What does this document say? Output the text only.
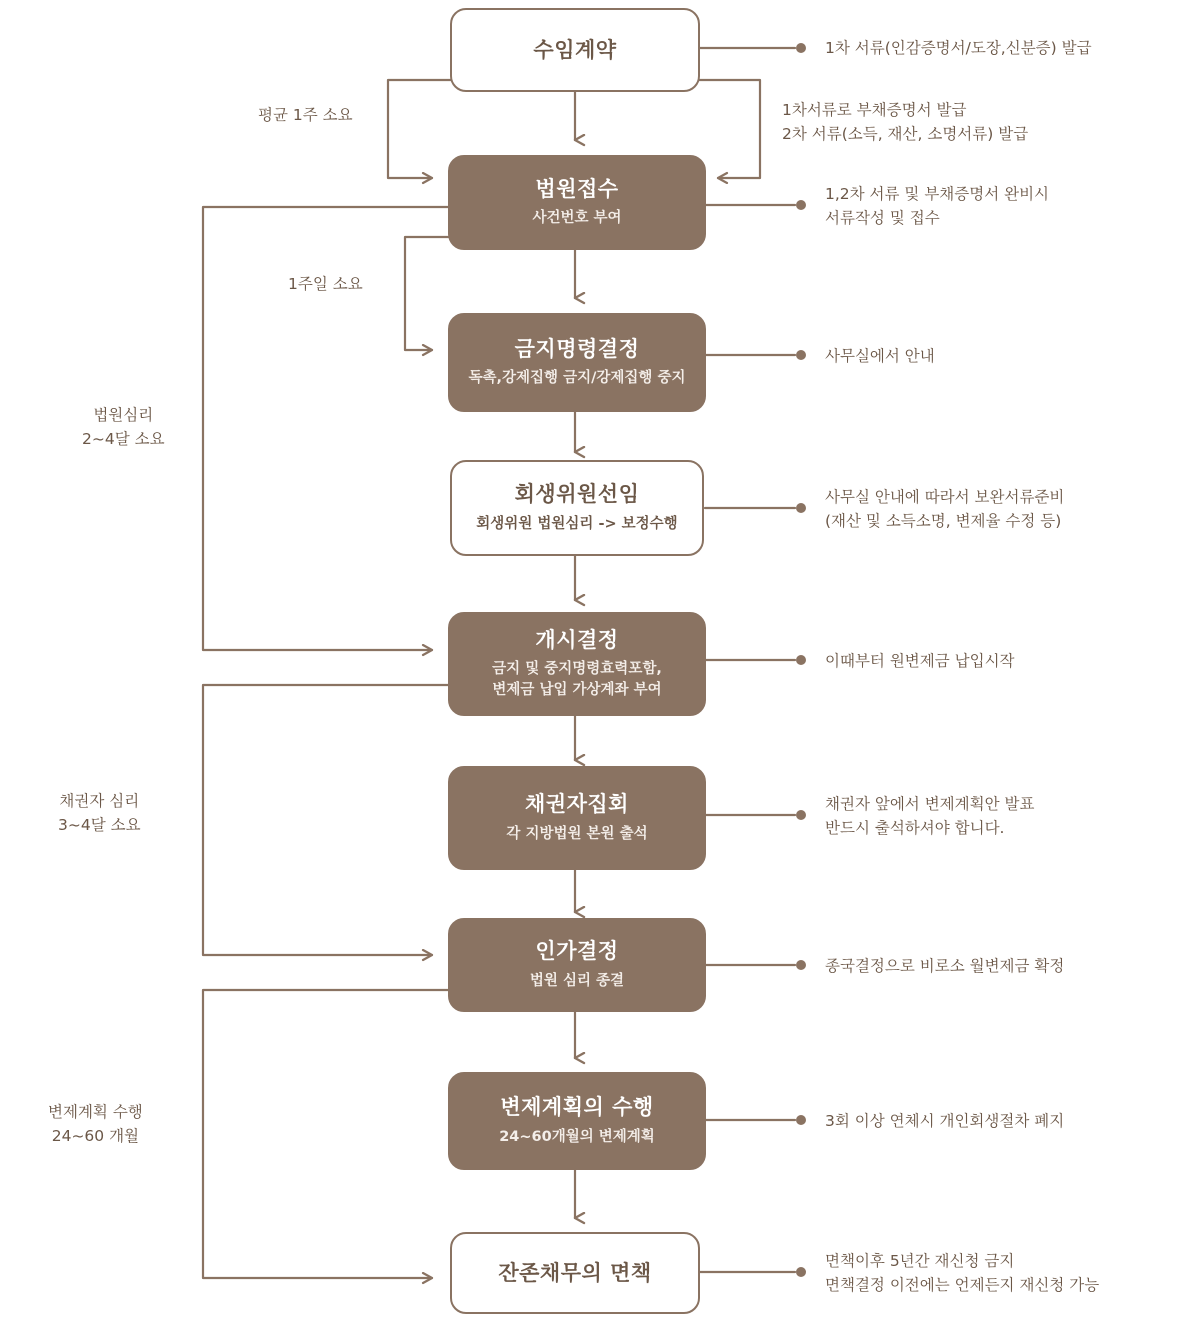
수임계약
법원접수
사건번호 부여
금지명령결정
독촉,강제집행 금지/강제집행 중지
회생위원선임
회생위원 법원심리 -> 보정수행
개시결정
금지 및 중지명령효력포함,
변제금 납입 가상계좌 부여
채권자집회
각 지방법원 본원 출석
인가결정
법원 심리 종결
변제계획의 수행
24~60개월의 변제계획
잔존채무의 면책
1차 서류(인감증명서/도장,신분증) 발급
1차서류로 부채증명서 발급
2차 서류(소득, 재산, 소명서류) 발급
1,2차 서류 및 부채증명서 완비시
서류작성 및 접수
사무실에서 안내
사무실 안내에 따라서 보완서류준비
(재산 및 소득소명, 변제율 수정 등)
이때부터 원변제금 납입시작
채권자 앞에서 변제계획안 발표
반드시 출석하셔야 합니다.
종국결정으로 비로소 월변제금 확정
3회 이상 연체시 개인회생절차 폐지
면책이후 5년간 재신청 금지
면책결정 이전에는 언제든지 재신청 가능
평균 1주 소요
1주일 소요
법원심리
2~4달 소요
채권자 심리
3~4달 소요
변제계획 수행
24~60 개월
